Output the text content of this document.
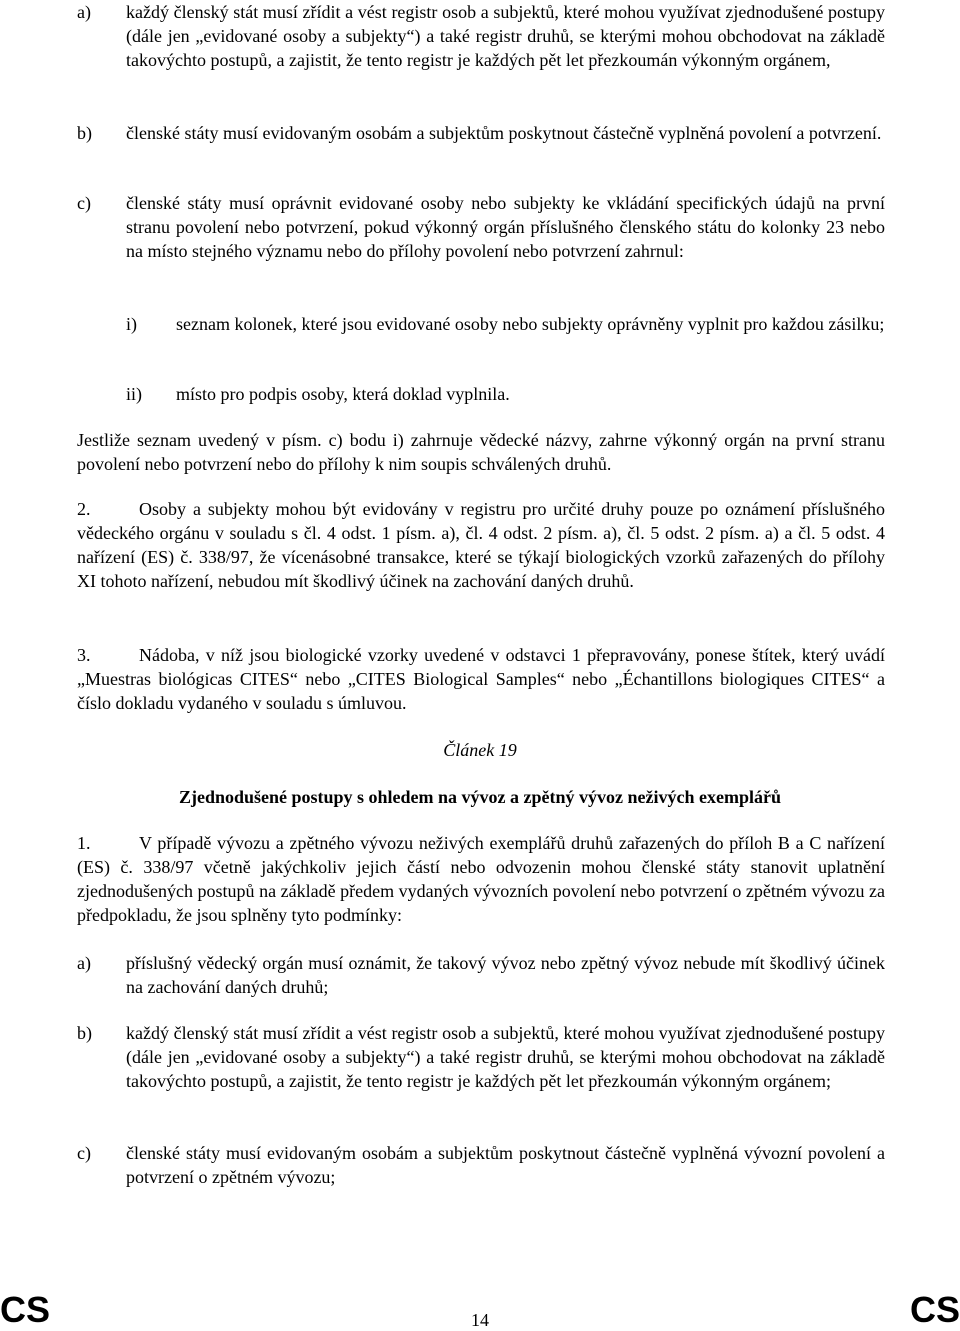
a) každý členský stát musí zřídit a vést registr osob a subjektů, které mohou využívat zjednodušené postupy (dále jen „evidované osoby a subjekty“) a také registr druhů, se kterými mohou obchodovat na základě takovýchto postupů, a zajistit, že tento registr je každých pět let přezkoumán výkonným orgánem,
b) členské státy musí evidovaným osobám a subjektům poskytnout částečně vyplněná povolení a potvrzení.
c) členské státy musí oprávnit evidované osoby nebo subjekty ke vkládání specifických údajů na první stranu povolení nebo potvrzení, pokud výkonný orgán příslušného členského státu do kolonky 23 nebo na místo stejného významu nebo do přílohy povolení nebo potvrzení zahrnul:
i) seznam kolonek, které jsou evidované osoby nebo subjekty oprávněny vyplnit pro každou zásilku;
ii) místo pro podpis osoby, která doklad vyplnila.
Jestliže seznam uvedený v písm. c) bodu i) zahrnuje vědecké názvy, zahrne výkonný orgán na první stranu povolení nebo potvrzení nebo do přílohy k nim soupis schválených druhů.
2.	Osoby a subjekty mohou být evidovány v registru pro určité druhy pouze po oznámení příslušného vědeckého orgánu v souladu s čl. 4 odst. 1 písm. a), čl. 4 odst. 2 písm. a), čl. 5 odst. 2 písm. a) a čl. 5 odst. 4 nařízení (ES) č. 338/97, že vícenásobné transakce, které se týkají biologických vzorků zařazených do přílohy XI tohoto nařízení, nebudou mít škodlivý účinek na zachování daných druhů.
3.	Nádoba, v níž jsou biologické vzorky uvedené v odstavci 1 přepravovány, ponese štítek, který uvádí „Muestras biológicas CITES“ nebo „CITES Biological Samples“ nebo „Échantillons biologiques CITES“ a číslo dokladu vydaného v souladu s úmluvou.
Článek 19
Zjednodušené postupy s ohledem na vývoz a zpětný vývoz neživých exemplářů
1.	V případě vývozu a zpětného vývozu neživých exemplářů druhů zařazených do příloh B a C nařízení (ES) č. 338/97 včetně jakýchkoliv jejich částí nebo odvozenin mohou členské státy stanovit uplatnění zjednodušených postupů na základě předem vydaných vývozních povolení nebo potvrzení o zpětném vývozu za předpokladu, že jsou splněny tyto podmínky:
a) příslušný vědecký orgán musí oznámit, že takový vývoz nebo zpětný vývoz nebude mít škodlivý účinek na zachování daných druhů;
b) každý členský stát musí zřídit a vést registr osob a subjektů, které mohou využívat zjednodušené postupy (dále jen „evidované osoby a subjekty“) a také registr druhů, se kterými mohou obchodovat na základě takovýchto postupů, a zajistit, že tento registr je každých pět let přezkoumán výkonným orgánem;
c) členské státy musí evidovaným osobám a subjektům poskytnout částečně vyplněná vývozní povolení a potvrzení o zpětném vývozu;
CS	14	CS
